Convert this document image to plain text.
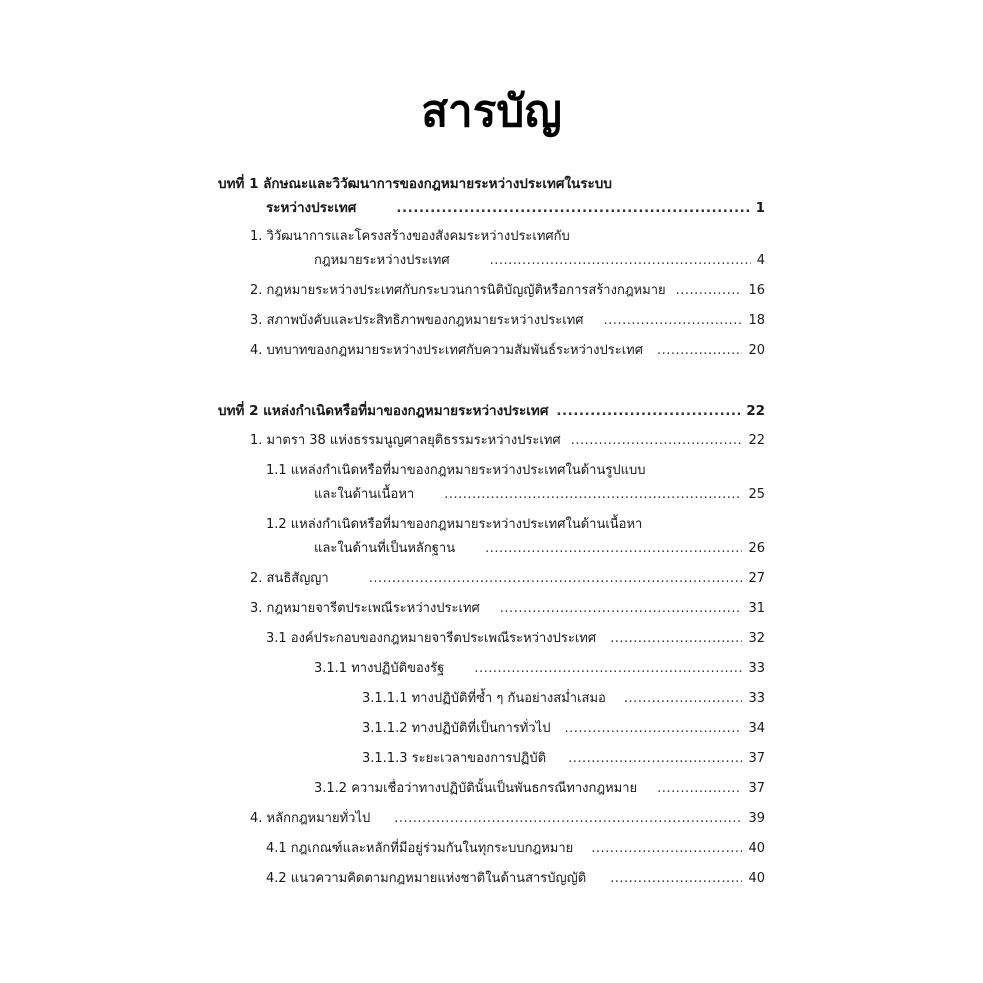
สารบัญ
บทที่ 1 ลักษณะและวิวัฒนาการของกฎหมายระหว่างประเทศในระบบ
ระหว่างประเทศ .....	1
1. วิวัฒนาการและโครงสร้างของสังคมระหว่างประเทศกับ
กฎหมายระหว่างประเทศ .....	4
2. กฎหมายระหว่างประเทศกับกระบวนการนิติบัญญัติหรือการสร้างกฎหมาย .....	16
3. สภาพบังคับและประสิทธิภาพของกฎหมายระหว่างประเทศ .....	18
4. บทบาทของกฎหมายระหว่างประเทศกับความสัมพันธ์ระหว่างประเทศ .....	20
บทที่ 2 แหล่งกำเนิดหรือที่มาของกฎหมายระหว่างประเทศ .....	22
1. มาตรา 38 แห่งธรรมนูญศาลยุติธรรมระหว่างประเทศ .....	22
1.1 แหล่งกำเนิดหรือที่มาของกฎหมายระหว่างประเทศในด้านรูปแบบ
และในด้านเนื้อหา .....	25
1.2 แหล่งกำเนิดหรือที่มาของกฎหมายระหว่างประเทศในด้านเนื้อหา
และในด้านที่เป็นหลักฐาน .....	26
2. สนธิสัญญา .....	27
3. กฎหมายจารีตประเพณีระหว่างประเทศ .....	31
3.1 องค์ประกอบของกฎหมายจารีตประเพณีระหว่างประเทศ .....	32
3.1.1 ทางปฏิบัติของรัฐ .....	33
3.1.1.1 ทางปฏิบัติที่ซ้ำ ๆ กันอย่างสม่ำเสมอ .....	33
3.1.1.2 ทางปฏิบัติที่เป็นการทั่วไป .....	34
3.1.1.3 ระยะเวลาของการปฏิบัติ .....	37
3.1.2 ความเชื่อว่าทางปฏิบัตินั้นเป็นพันธกรณีทางกฎหมาย .....	37
4. หลักกฎหมายทั่วไป .....	39
4.1 กฎเกณฑ์และหลักที่มีอยู่ร่วมกันในทุกระบบกฎหมาย .....	40
4.2 แนวความคิดตามกฎหมายแห่งชาติในด้านสารบัญญัติ .....	40
